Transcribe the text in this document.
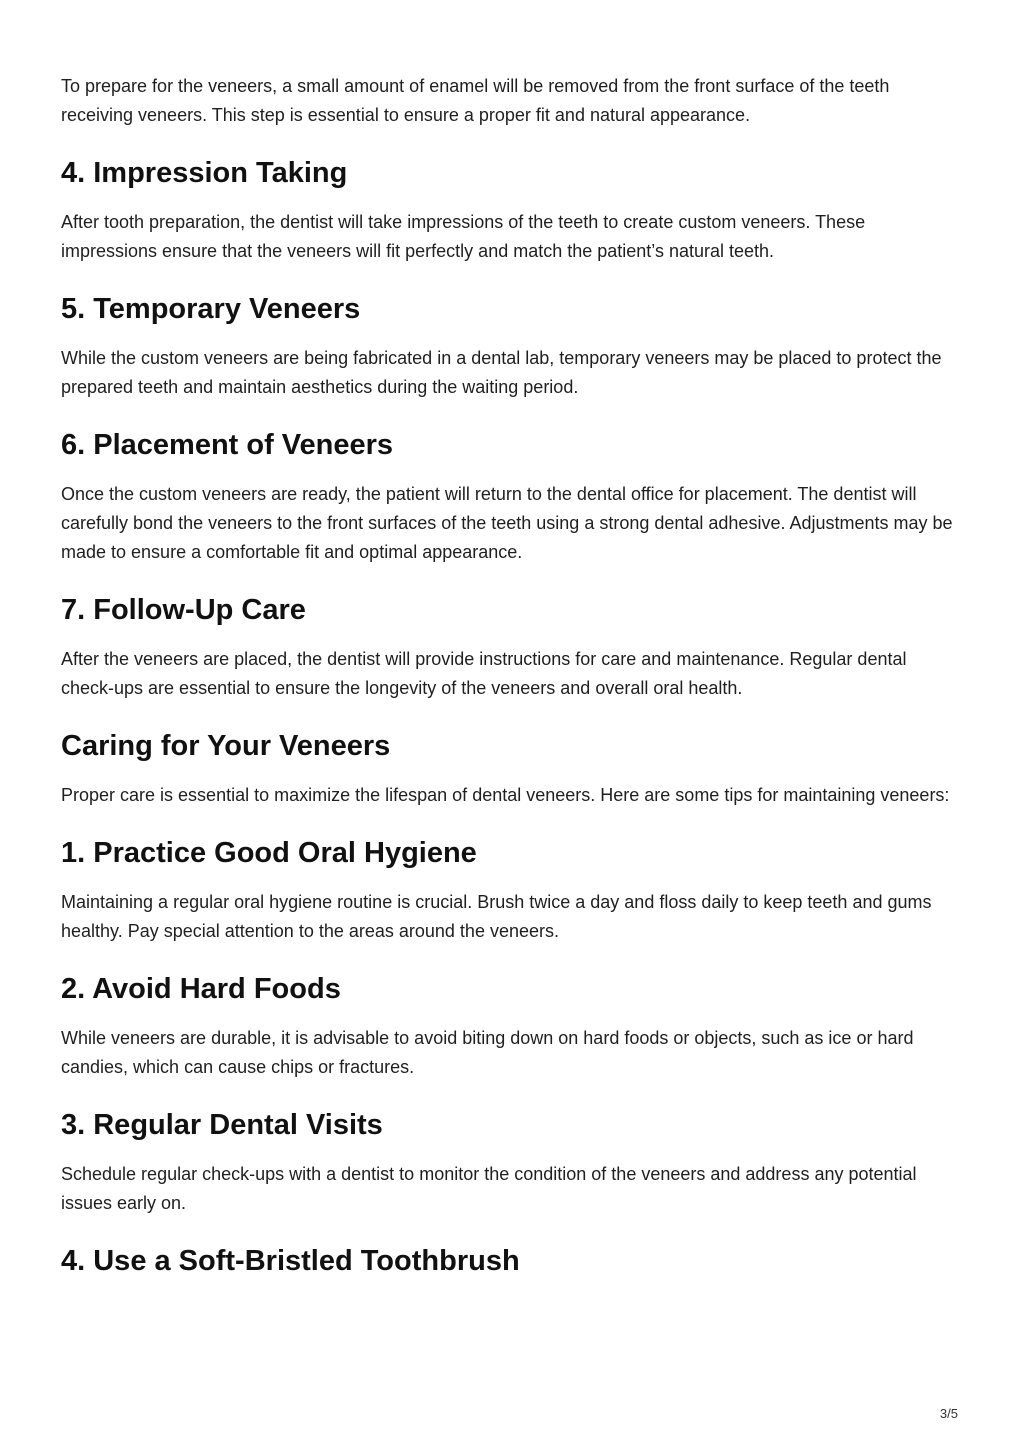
To prepare for the veneers, a small amount of enamel will be removed from the front surface of the teeth receiving veneers. This step is essential to ensure a proper fit and natural appearance.

4. Impression Taking

After tooth preparation, the dentist will take impressions of the teeth to create custom veneers. These impressions ensure that the veneers will fit perfectly and match the patient’s natural teeth.

5. Temporary Veneers

While the custom veneers are being fabricated in a dental lab, temporary veneers may be placed to protect the prepared teeth and maintain aesthetics during the waiting period.

6. Placement of Veneers

Once the custom veneers are ready, the patient will return to the dental office for placement. The dentist will carefully bond the veneers to the front surfaces of the teeth using a strong dental adhesive. Adjustments may be made to ensure a comfortable fit and optimal appearance.

7. Follow-Up Care

After the veneers are placed, the dentist will provide instructions for care and maintenance. Regular dental check-ups are essential to ensure the longevity of the veneers and overall oral health.

Caring for Your Veneers

Proper care is essential to maximize the lifespan of dental veneers. Here are some tips for maintaining veneers:

1. Practice Good Oral Hygiene

Maintaining a regular oral hygiene routine is crucial. Brush twice a day and floss daily to keep teeth and gums healthy. Pay special attention to the areas around the veneers.

2. Avoid Hard Foods

While veneers are durable, it is advisable to avoid biting down on hard foods or objects, such as ice or hard candies, which can cause chips or fractures.

3. Regular Dental Visits

Schedule regular check-ups with a dentist to monitor the condition of the veneers and address any potential issues early on.

4. Use a Soft-Bristled Toothbrush
3/5
